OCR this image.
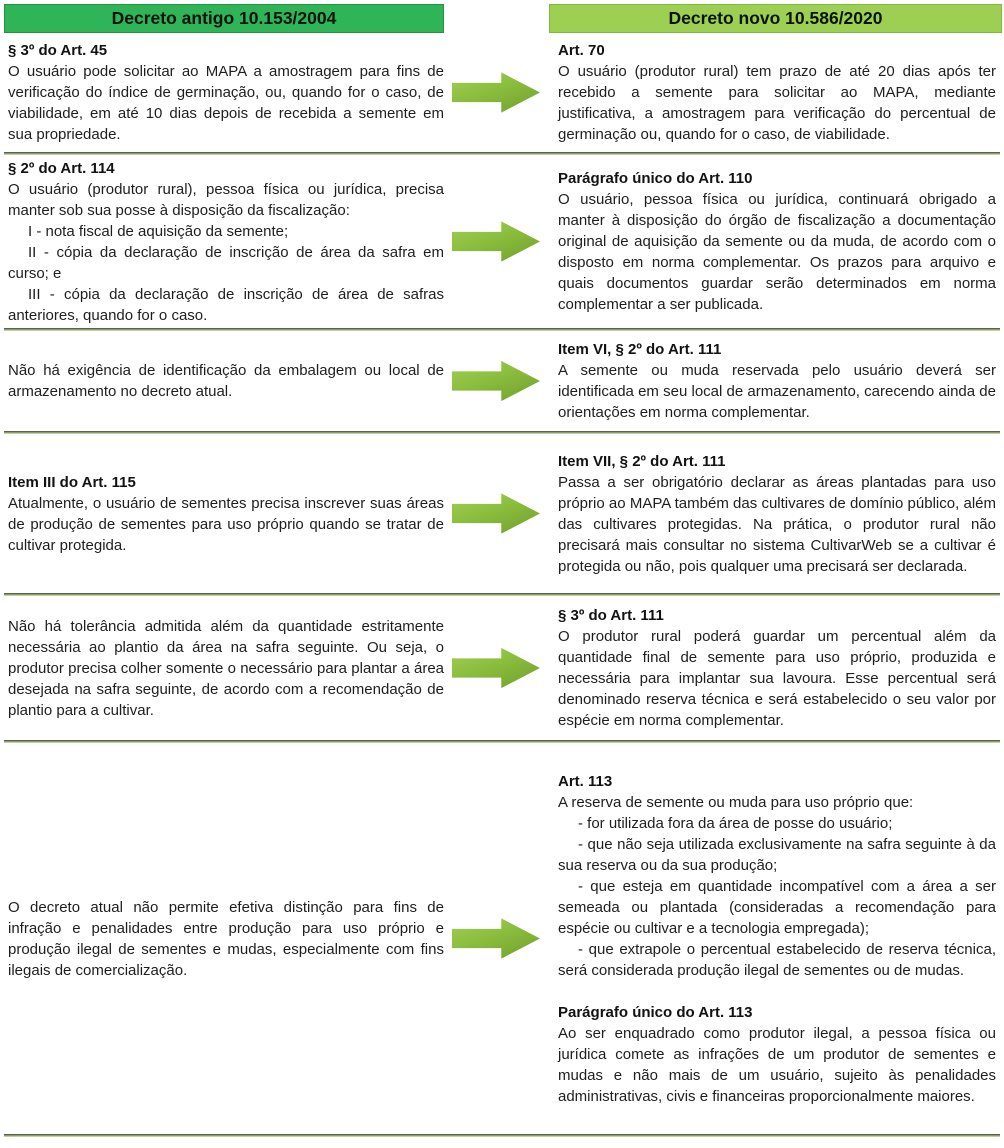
Decreto antigo 10.153/2004	Decreto novo 10.586/2020
§ 3º do Art. 45

O usuário pode solicitar ao MAPA a amostragem para fins de verificação do índice de germinação, ou, quando for o caso, de viabilidade, em até 10 dias depois de recebida a semente em sua propriedade.

Art. 70

O usuário (produtor rural) tem prazo de até 20 dias após ter recebido a semente para solicitar ao MAPA, mediante justificativa, a amostragem para verificação do percentual de germinação ou, quando for o caso, de viabilidade.

§ 2º do Art. 114

O usuário (produtor rural), pessoa física ou jurídica, precisa manter sob sua posse à disposição da fiscalização:

I - nota fiscal de aquisição da semente;

II - cópia da declaração de inscrição de área da safra em curso; e

III - cópia da declaração de inscrição de área de safras anteriores, quando for o caso.

Parágrafo único do Art. 110

O usuário, pessoa física ou jurídica, continuará obrigado a manter à disposição do órgão de fiscalização a documentação original de aquisição da semente ou da muda, de acordo com o disposto em norma complementar. Os prazos para arquivo e quais documentos guardar serão determinados em norma complementar a ser publicada.

Não há exigência de identificação da embalagem ou local de armazenamento no decreto atual.

Item VI, § 2º do Art. 111

A semente ou muda reservada pelo usuário deverá ser identificada em seu local de armazenamento, carecendo ainda de orientações em norma complementar.

Item III do Art. 115

Atualmente, o usuário de sementes precisa inscrever suas áreas de produção de sementes para uso próprio quando se tratar de cultivar protegida.

Item VII, § 2º do Art. 111

Passa a ser obrigatório declarar as áreas plantadas para uso próprio ao MAPA também das cultivares de domínio público, além das cultivares protegidas. Na prática, o produtor rural não precisará mais consultar no sistema CultivarWeb se a cultivar é protegida ou não, pois qualquer uma precisará ser declarada.

Não há tolerância admitida além da quantidade estritamente necessária ao plantio da área na safra seguinte. Ou seja, o produtor precisa colher somente o necessário para plantar a área desejada na safra seguinte, de acordo com a recomendação de plantio para a cultivar.

§ 3º do Art. 111

O produtor rural poderá guardar um percentual além da quantidade final de semente para uso próprio, produzida e necessária para implantar sua lavoura. Esse percentual será denominado reserva técnica e será estabelecido o seu valor por espécie em norma complementar.

O decreto atual não permite efetiva distinção para fins de infração e penalidades entre produção para uso próprio e produção ilegal de sementes e mudas, especialmente com fins ilegais de comercialização.

Art. 113

A reserva de semente ou muda para uso próprio que:

- for utilizada fora da área de posse do usuário;

- que não seja utilizada exclusivamente na safra seguinte à da sua reserva ou da sua produção;

- que esteja em quantidade incompatível com a área a ser semeada ou plantada (consideradas a recomendação para espécie ou cultivar e a tecnologia empregada);

- que extrapole o percentual estabelecido de reserva técnica, será considerada produção ilegal de sementes ou de mudas.

Parágrafo único do Art. 113

Ao ser enquadrado como produtor ilegal, a pessoa física ou jurídica comete as infrações de um produtor de sementes e mudas e não mais de um usuário, sujeito às penalidades administrativas, civis e financeiras proporcionalmente maiores.
